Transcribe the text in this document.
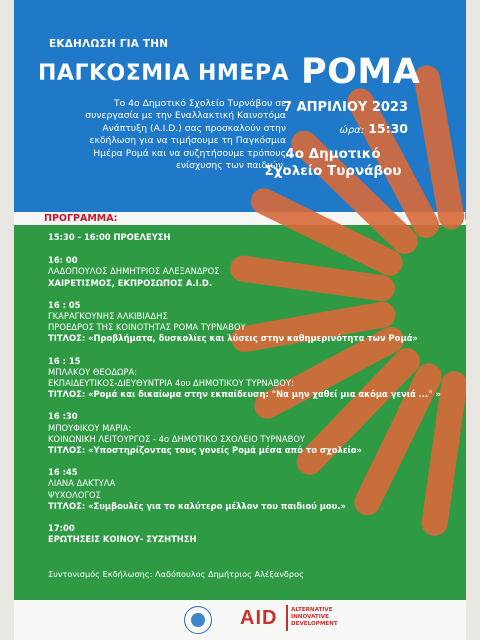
ΕΚΔΗΛΩΣΗ ΓΙΑ ΤΗΝ
ΠΑΓΚΟΣΜΙΑ ΗΜΕΡΑ ΡΟΜΑ
Το 4ο Δημοτικό Σχολείο Τυρνάβου σε
συνεργασία με την Εναλλακτική Καινοτόμα
Ανάπτυξη (A.I.D.) σας προσκαλούν στην
εκδήλωση για να τιμήσουμε τη Παγκόσμια
Ημέρα Ρομά και να συζητήσουμε τρόπους
ενίσχυσης των παιδιών.
7 ΑΠΡΙΛΙΟΥ 2023
ώρα: 15:30
4ο Δημοτικό
Σχολείο Τυρνάβου
ΠΡΟΓΡΑΜΜΑ:
15:30 - 16:00 ΠΡΟΕΛΕΥΣΗ
16: 00
ΛΑΔΟΠΟΥΛΟΣ ΔΗΜΗΤΡΙΟΣ ΑΛΕΞΑΝΔΡΟΣ
ΧΑΙΡΕΤΙΣΜΟΣ, ΕΚΠΡΟΣΩΠΟΣ A.I.D.
16 : 05
ΓΚΑΡΑΓΚΟΥΝΗΣ ΑΛΚΙΒΙΑΔΗΣ
ΠΡΟΕΔΡΟΣ ΤΗΣ ΚΟΙΝΟΤΗΤΑΣ ΡΟΜΑ ΤΥΡΝΑΒΟΥ
ΤΙΤΛΟΣ: «Προβλήματα, δυσκολίες και λύσεις στην καθημερινότητα των Ρομά»
16 : 15
ΜΠΛΑΚΟΥ ΘΕΟΔΩΡΑ:
ΕΚΠΑΙΔΕΥΤΙΚΟΣ-ΔΙΕΥΘΥΝΤΡΙΑ 4ου ΔΗΜΟΤΙΚΟΥ ΤΥΡΝΑΒΟΥ:
ΤΙΤΛΟΣ: «Ρομά και δικαίωμα στην εκπαίδευση: "Να μην χαθεί μια ακόμα γενιά ..." »
16 :30
ΜΠΟΥΦΙΚΟΥ ΜΑΡΙΑ:
ΚΟΙΝΩΝΙΚΗ ΛΕΙΤΟΥΡΓΟΣ - 4ο ΔΗΜΟΤΙΚΟ ΣΧΟΛΕΙΟ ΤΥΡΝΑΒΟΥ
ΤΙΤΛΟΣ: «Υποστηρίζοντας τους γονείς Ρομά μέσα από το σχολείο»
16 :45
ΛΙΑΝΑ ΔΑΚΤΥΛΑ
ΨΥΧΟΛΟΓΟΣ
ΤΙΤΛΟΣ: «Συμβουλές για το καλύτερο μέλλον του παιδιού μου.»
17:00
ΕΡΩΤΗΣΕΙΣ ΚΟΙΝΟΥ- ΣΥΖΗΤΗΣΗ
Συντονισμός Εκδήλωσης: Λαδόπουλος Δημήτριος Αλέξανδρος
AID ALTERNATIVE
INNOVATIVE
DEVELOPMENT
